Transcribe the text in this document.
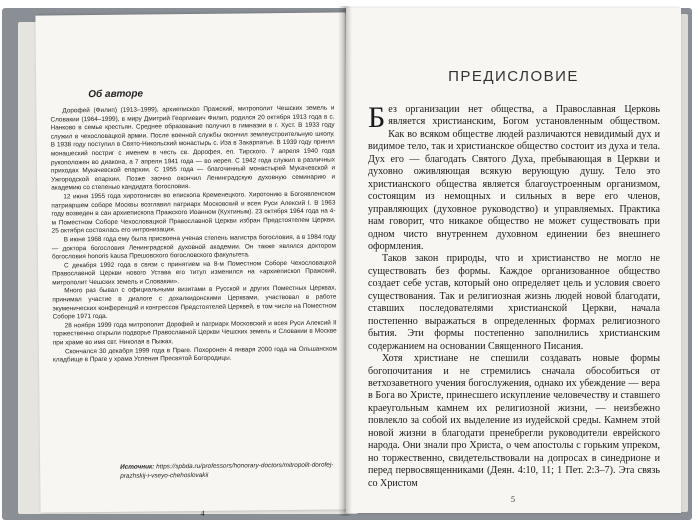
Об авторе

Дорофей (Филип) (1913–1999), архиепископ Пражский, митрополит Чешских земель и Словакии (1964–1999), в миру Дмитрий Георгиевич Филип, родился 20 октября 1913 года в с. Нанково в семье крестьян. Среднее образование получил в гимназии в г. Хуст. В 1933 году служил в чехословацкой армии. После военной службы окончил землеустроительную школу. В 1938 году поступил в Свято-Никольский монастырь с. Иза в Закарпатье. В 1939 году принял монашеский постриг с именем в честь св. Дорофея, еп. Тирского. 7 апреля 1940 года рукоположен во диакона, а 7 апреля 1941 года — во иерея. С 1942 года служил в различных приходах Мукачевской епархии. С 1955 года — благочинный монастырей Мукачевской и Ужгородской епархии. Позже заочно окончил Ленинградскую духовную семинарию и академию со степенью кандидата богословия.

12 июня 1955 года хиротонисан во епископа Кременецкого. Хиротонию в Богоявленском патриаршем соборе Москвы возглавил патриарх Московский и всея Руси Алексий I. В 1963 году возведен в сан архиепископа Пражского Иоанном (Кухтиным). 23 октября 1964 года на 4-м Поместном Соборе Чехословацкой Православной Церкви избран Предстоятелем Церкви, 25 октября состоялась его интронизация.

В июне 1968 года ему была присвоена ученая степень магистра богословия, а в 1984 году — доктора богословия Ленинградской духовной академии. Он также являлся доктором богословия honoris kausa Прешовского богословского факультета.

С декабря 1992 года в связи с принятием на 8-м Поместном Соборе Чехословацкой Православной Церкви нового Устава его титул изменился на «архиепископ Пражский, митрополит Чешских земель и Словакии».

Много раз бывал с официальными визитами в Русской и других Поместных Церквах, принимал участие в диалоге с дохалкидонскими Церквами, участвовал в работе экуменических конференций и конгрессов Предстоятелей Церквей, в том числе на Поместном Соборе 1971 года.

28 ноября 1999 года митрополит Дорофей и патриарх Московский и всея Руси Алексий II торжественно открыли подворье Православной Церкви Чешских земель и Словакии в Москве при храме во имя свт. Николая в Пыжах.

Скончался 30 декабря 1999 года в Праге. Похоронен 4 января 2000 года на Ольшанском кладбище в Праге у храма Успения Пресвятой Богородицы.

Источник: https://spbda.ru/professors/honorary-doctors/mitropolit-dorofej-prazhskij-i-vseyo-chehoslovakii
4
ПРЕДИСЛОВИЕ

Без организации нет общества, а Православная Церковь является христианским, Богом установленным обществом. Как во всяком обществе людей различаются невидимый дух и видимое тело, так и христианское общество состоит из духа и тела. Дух его — благодать Святого Духа, пребывающая в Церкви и духовно оживляющая всякую верующую душу. Тело это христианского общества является благоустроенным организмом, состоящим из немощных и сильных в вере его членов, управляющих (духовное руководство) и управляемых. Практика нам говорит, что никакое общество не может существовать при одном чисто внутреннем духовном единении без внешнего оформления.

Таков закон природы, что и христианство не могло не существовать без формы. Каждое организованное общество создает себе устав, который оно определяет цель и условия своего существования. Так и религиозная жизнь людей новой благодати, ставших последователями христианской Церкви, начала постепенно выражаться в определенных формах религиозного бытия. Эти формы постепенно заполнились христианским содержанием на основании Священного Писания.

Хотя христиане не спешили создавать новые формы богопочитания и не стремились сначала обособиться от ветхозаветного учения богослужения, однако их убеждение — вера в Бога во Христе, принесшего искупление человечеству и ставшего краеугольным камнем их религиозной жизни, — неизбежно повлекло за собой их выделение из иудейской среды. Камнем этой новой жизни в благодати пренебрегли руководители еврейского народа. Они знали про Христа, о чем апостолы с горьким упреком, но торжественно, свидетельствовали на допросах в синедрионе и перед первосвященниками (Деян. 4:10, 11; 1 Пет. 2:3–7). Эта связь со Христом

5
